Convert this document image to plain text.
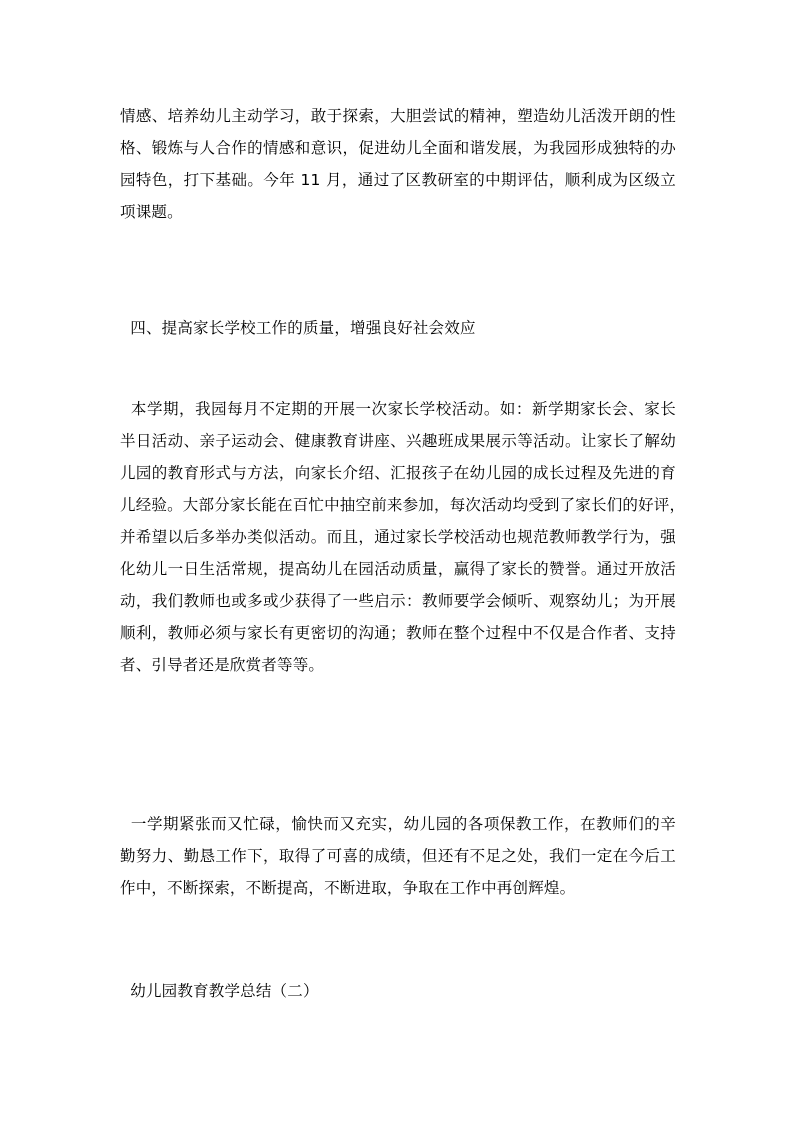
情感、培养幼儿主动学习，敢于探索，大胆尝试的精神，塑造幼儿活泼开朗的性
格、锻炼与人合作的情感和意识，促进幼儿全面和谐发展，为我园形成独特的办
园特色，打下基础。今年 11 月，通过了区教研室的中期评估，顺利成为区级立
项课题。
四、提高家长学校工作的质量，增强良好社会效应
本学期，我园每月不定期的开展一次家长学校活动。如：新学期家长会、家长
半日活动、亲子运动会、健康教育讲座、兴趣班成果展示等活动。让家长了解幼
儿园的教育形式与方法，向家长介绍、汇报孩子在幼儿园的成长过程及先进的育
儿经验。大部分家长能在百忙中抽空前来参加，每次活动均受到了家长们的好评，
并希望以后多举办类似活动。而且，通过家长学校活动也规范教师教学行为，强
化幼儿一日生活常规，提高幼儿在园活动质量，赢得了家长的赞誉。通过开放活
动，我们教师也或多或少获得了一些启示：教师要学会倾听、观察幼儿；为开展
顺利，教师必须与家长有更密切的沟通；教师在整个过程中不仅是合作者、支持
者、引导者还是欣赏者等等。
一学期紧张而又忙碌，愉快而又充实，幼儿园的各项保教工作，在教师们的辛
勤努力、勤恳工作下，取得了可喜的成绩，但还有不足之处，我们一定在今后工
作中，不断探索，不断提高，不断进取，争取在工作中再创辉煌。
幼儿园教育教学总结（二）
